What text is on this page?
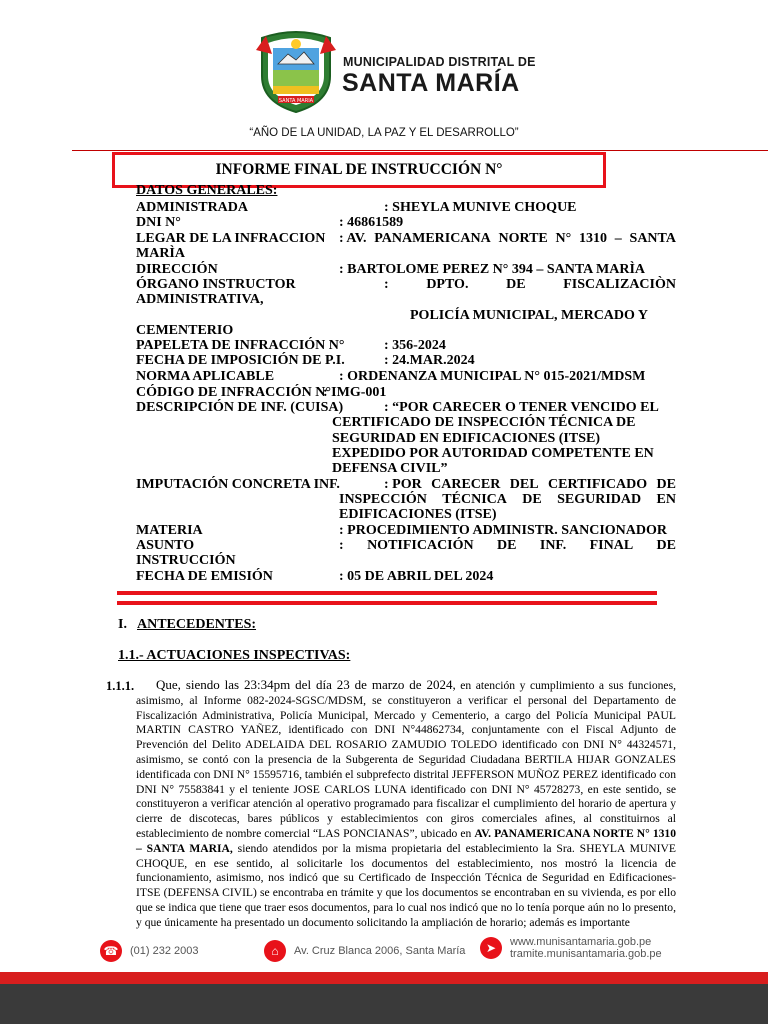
SANTA MARIA
MUNICIPALIDAD DISTRITAL DE
SANTA MARÍA
“AÑO DE LA UNIDAD, LA PAZ Y EL DESARROLLO”
INFORME FINAL DE INSTRUCCIÓN N°
DATOS GENERALES:
ADMINISTRADA	: SHEYLA MUNIVE CHOQUE
DNI N°	: 46861589
LEGAR DE LA INFRACCION : AV. PANAMERICANA NORTE N° 1310 – SANTA
MARÌA
DIRECCIÓN	: BARTOLOME PEREZ N° 394 – SANTA MARÌA
ÓRGANO INSTRUCTOR	:	DPTO.	DE	FISCALIZACIÒN
ADMINISTRATIVA,
POLICÍA MUNICIPAL, MERCADO Y
CEMENTERIO
PAPELETA DE INFRACCIÓN N°	: 356-2024
FECHA DE IMPOSICIÓN DE P.I.	: 24.MAR.2024
NORMA APLICABLE	: ORDENANZA MUNICIPAL N° 015-2021/MDSM
CÓDIGO DE INFRACCIÓN N°
: IMG-001
DESCRIPCIÓN DE INF. (CUISA)	: “POR CARECER O TENER VENCIDO EL
CERTIFICADO DE INSPECCIÓN TÉCNICA DE
SEGURIDAD EN EDIFICACIONES (ITSE)
EXPEDIDO POR AUTORIDAD COMPETENTE EN
DEFENSA CIVIL”
IMPUTACIÓN CONCRETA INF.	: POR CARECER DEL CERTIFICADO DE
INSPECCIÓN TÉCNICA DE SEGURIDAD EN
EDIFICACIONES (ITSE)
MATERIA	: PROCEDIMIENTO ADMINISTR. SANCIONADOR
ASUNTO	: NOTIFICACIÓN DE INF. FINAL DE
INSTRUCCIÓN
FECHA DE EMISIÓN	: 05 DE ABRIL DEL 2024
I. ANTECEDENTES:
1.1.- ACTUACIONES INSPECTIVAS:
1.1.1.	Que, siendo las 23:34pm del día 23 de marzo de 2024, en atención y cumplimiento a sus funciones, asimismo, al Informe 082-2024-SGSC/MDSM, se constituyeron a verificar el personal del Departamento de Fiscalización Administrativa, Policía Municipal, Mercado y Cementerio, a cargo del Policía Municipal PAUL MARTIN CASTRO YAÑEZ, identificado con DNI N°44862734, conjuntamente con el Fiscal Adjunto de Prevención del Delito ADELAIDA DEL ROSARIO ZAMUDIO TOLEDO identificado con DNI N° 44324571, asimismo, se contó con la presencia de la Subgerenta de Seguridad Ciudadana BERTILA HIJAR GONZALES identificada con DNI N° 15595716, también el subprefecto distrital JEFFERSON MUÑOZ PEREZ identificado con DNI N° 75583841 y el teniente JOSE CARLOS LUNA identificado con DNI N° 45728273, en este sentido, se constituyeron a verificar atención al operativo programado para fiscalizar el cumplimiento del horario de apertura y cierre de discotecas, bares públicos y establecimientos con giros comerciales afines, al constituirnos al establecimiento de nombre comercial “LAS PONCIANAS”, ubicado en AV. PANAMERICANA NORTE N° 1310 – SANTA MARIA, siendo atendidos por la misma propietaria del establecimiento la Sra. SHEYLA MUNIVE CHOQUE, en ese sentido, al solicitarle los documentos del establecimiento, nos mostró la licencia de funcionamiento, asimismo, nos indicó que su Certificado de Inspección Técnica de Seguridad en Edificaciones-ITSE (DEFENSA CIVIL) se encontraba en trámite y que los documentos se encontraban en su vivienda, es por ello que se indica que tiene que traer esos documentos, para lo cual nos indicó que no lo tenía porque aún no lo presento, y que únicamente ha presentado un documento solicitando la ampliación de horario; además es importante
☎	(01) 232 2003	⌂	Av. Cruz Blanca 2006, Santa María	➤	www.munisantamaria.gob.pe
tramite.munisantamaria.gob.pe
